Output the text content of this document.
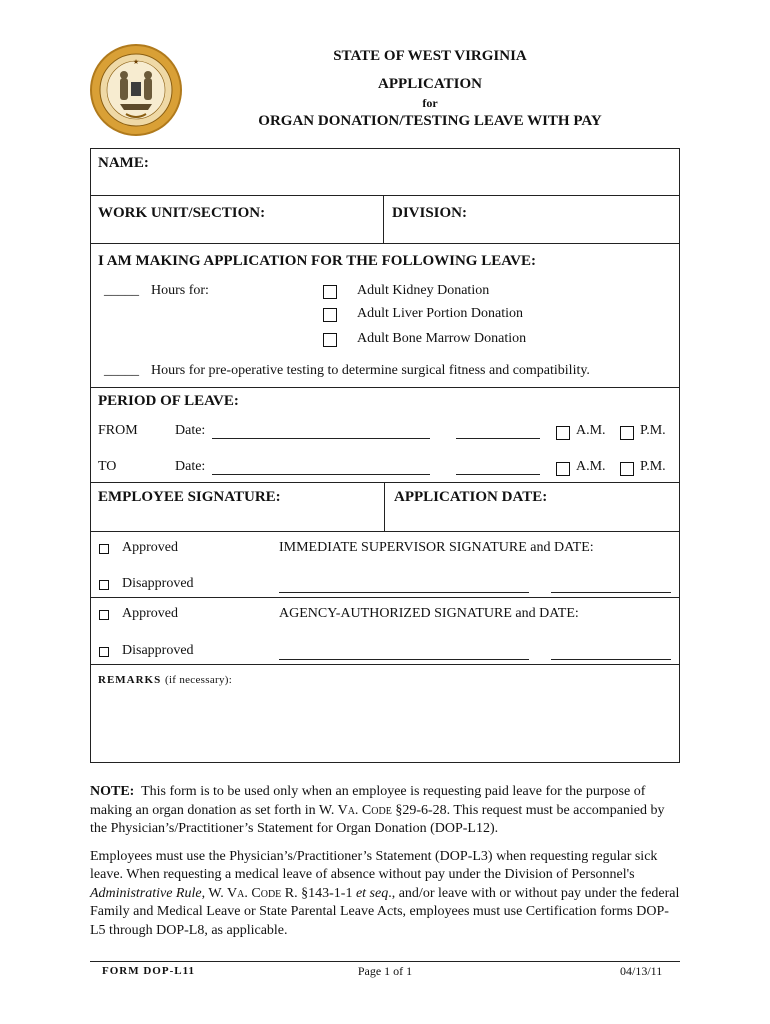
★	STATE OF WEST VIRGINIA
APPLICATION
for
ORGAN DONATION/TESTING LEAVE WITH PAY
NAME:
WORK UNIT/SECTION:	DIVISION:
I AM MAKING APPLICATION FOR THE FOLLOWING LEAVE:
_____ Hours for:	Adult Kidney Donation
Adult Liver Portion Donation
Adult Bone Marrow Donation
_____ Hours for pre-operative testing to determine surgical fitness and compatibility.
PERIOD OF LEAVE:
FROM	Date:	A.M. P.M.
TO	Date:	A.M. P.M.
EMPLOYEE SIGNATURE:	APPLICATION DATE:
Approved	IMMEDIATE SUPERVISOR SIGNATURE and DATE:
Disapproved
Approved	AGENCY-AUTHORIZED SIGNATURE and DATE:
Disapproved
REMARKS (if necessary):

NOTE: This form is to be used only when an employee is requesting paid leave for the purpose of making an organ donation as set forth in W. Va. Code §29-6-28. This request must be accompanied by the Physician’s/Practitioner’s Statement for Organ Donation (DOP-L12).

Employees must use the Physician’s/Practitioner’s Statement (DOP-L3) when requesting regular sick leave. When requesting a medical leave of absence without pay under the Division of Personnel's Administrative Rule, W. Va. Code R. §143-1-1 et seq., and/or leave with or without pay under the federal Family and Medical Leave or State Parental Leave Acts, employees must use Certification forms DOP-L5 through DOP-L8, as applicable.

FORM DOP-L11	Page 1 of 1	04/13/11
